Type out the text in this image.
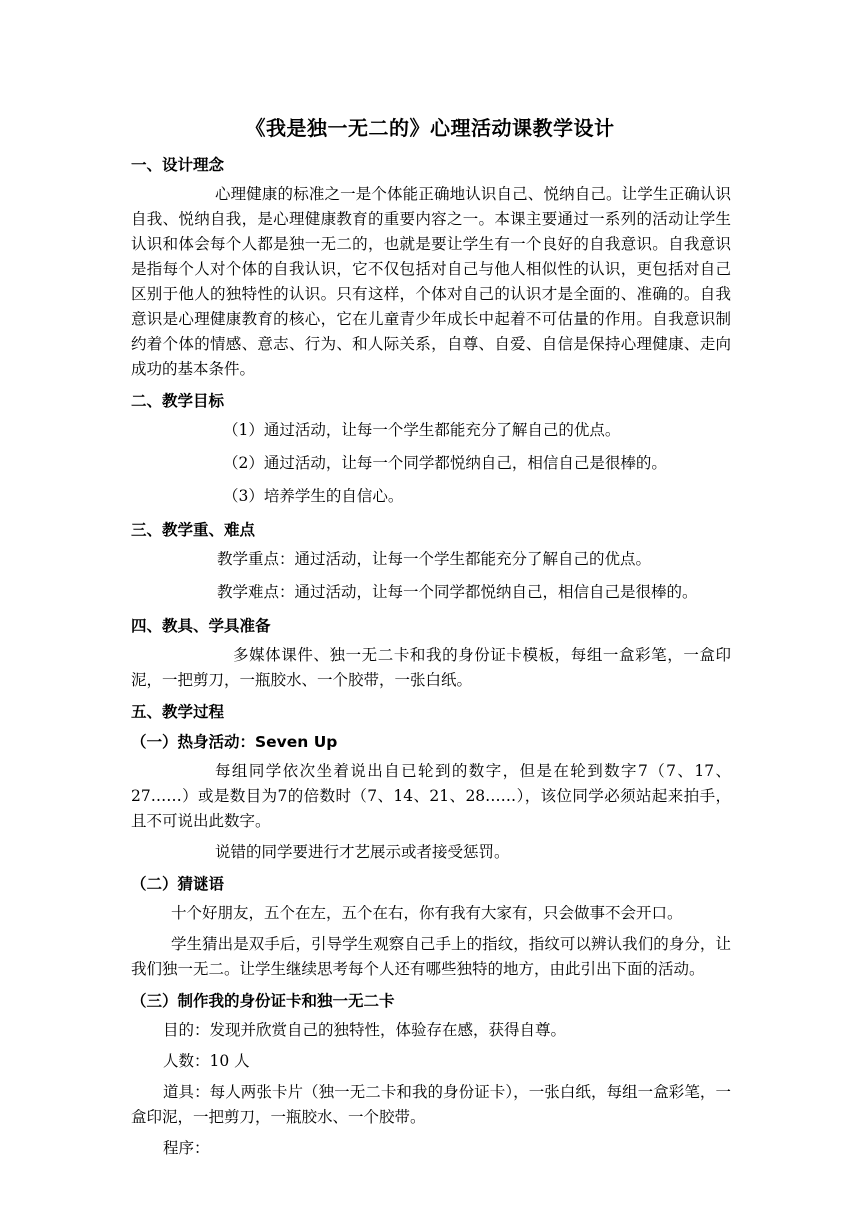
《我是独一无二的》心理活动课教学设计
一、设计理念
心理健康的标准之一是个体能正确地认识自己、悦纳自己。让学生正确认识自我、悦纳自我，是心理健康教育的重要内容之一。本课主要通过一系列的活动让学生认识和体会每个人都是独一无二的，也就是要让学生有一个良好的自我意识。自我意识是指每个人对个体的自我认识，它不仅包括对自己与他人相似性的认识，更包括对自己区别于他人的独特性的认识。只有这样，个体对自己的认识才是全面的、准确的。自我意识是心理健康教育的核心，它在儿童青少年成长中起着不可估量的作用。自我意识制约着个体的情感、意志、行为、和人际关系，自尊、自爱、自信是保持心理健康、走向成功的基本条件。
二、教学目标
（1）通过活动，让每一个学生都能充分了解自己的优点。
（2）通过活动，让每一个同学都悦纳自己，相信自己是很棒的。
（3）培养学生的自信心。
三、教学重、难点
教学重点：通过活动，让每一个学生都能充分了解自己的优点。
教学难点：通过活动，让每一个同学都悦纳自己，相信自己是很棒的。
四、教具、学具准备
多媒体课件、独一无二卡和我的身份证卡模板，每组一盒彩笔，一盒印泥，一把剪刀，一瓶胶水、一个胶带，一张白纸。
五、教学过程
（一）热身活动：Seven Up
每组同学依次坐着说出自已轮到的数字，但是在轮到数字7（7、17、27……）或是数目为7的倍数时（7、14、21、28……），该位同学必须站起来拍手，且不可说出此数字。
说错的同学要进行才艺展示或者接受惩罚。
（二）猜谜语
十个好朋友，五个在左，五个在右，你有我有大家有，只会做事不会开口。
学生猜出是双手后，引导学生观察自己手上的指纹，指纹可以辨认我们的身分，让我们独一无二。让学生继续思考每个人还有哪些独特的地方，由此引出下面的活动。
（三）制作我的身份证卡和独一无二卡
目的：发现并欣赏自己的独特性，体验存在感，获得自尊。
人数：10 人
道具：每人两张卡片（独一无二卡和我的身份证卡），一张白纸，每组一盒彩笔，一盒印泥，一把剪刀，一瓶胶水、一个胶带。
程序：
